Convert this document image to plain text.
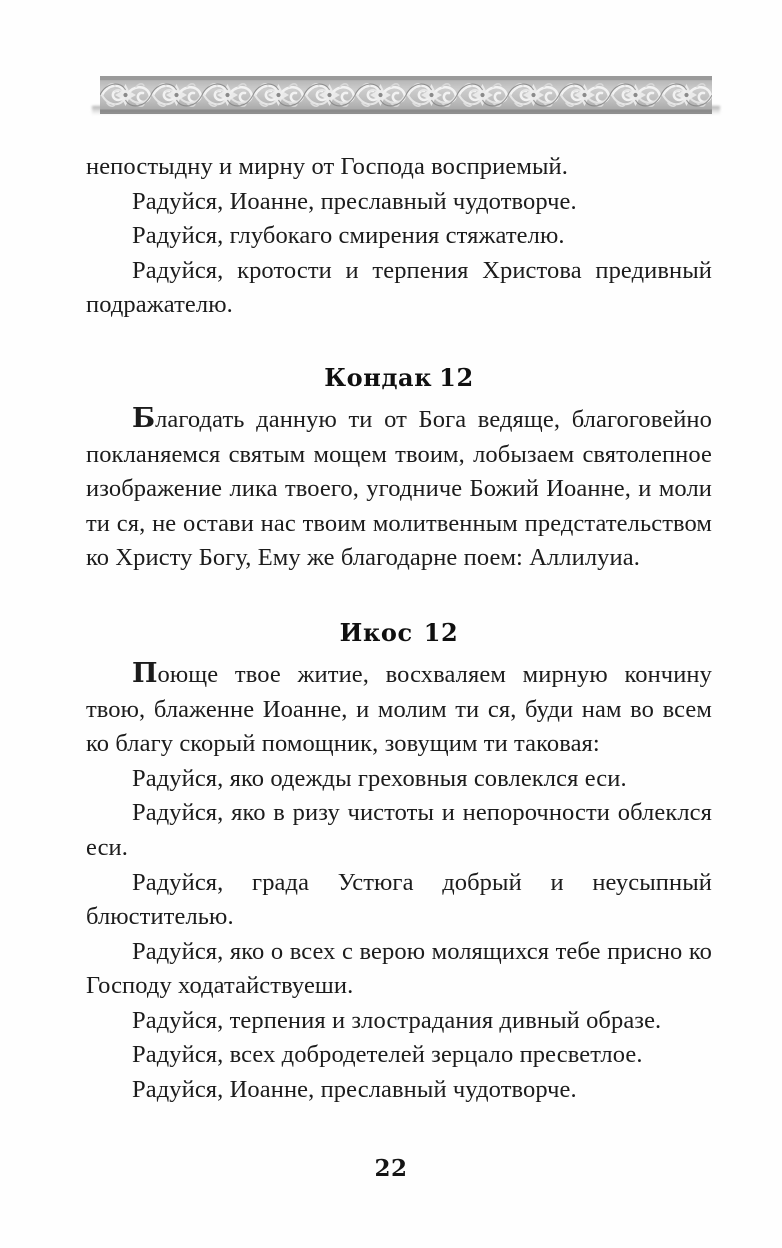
непостыдну и мирну от Господа восприемый.

Радуйся, Иоанне, преславный чудотворче.

Радуйся, глубокаго смирения стяжателю.

Радуйся, кротости и терпения Христова предивный подражателю.

Кондак 12

Благодать данную ти от Бога ведяще, благоговейно покланяемся святым мощем твоим, лобызаем святолепное изображение лика твоего, угодниче Божий Иоанне, и моли ти ся, не остави нас твоим молитвенным предстательством ко Христу Богу, Ему же благодарне поем: Аллилуиа.

Икос 12

Поюще твое житие, восхваляем мирную кончину твою, блаженне Иоанне, и молим ти ся, буди нам во всем ко благу скорый помощник, зовущим ти таковая:

Радуйся, яко одежды греховныя совлеклся еси.

Радуйся, яко в ризу чистоты и непорочности облеклся еси.

Радуйся, града Устюга добрый и неусыпный блюстителью.

Радуйся, яко о всех с верою молящихся тебе присно ко Господу ходатайствуеши.

Радуйся, терпения и злострадания дивный образе.

Радуйся, всех добродетелей зерцало пресветлое.

Радуйся, Иоанне, преславный чудотворче.

22
